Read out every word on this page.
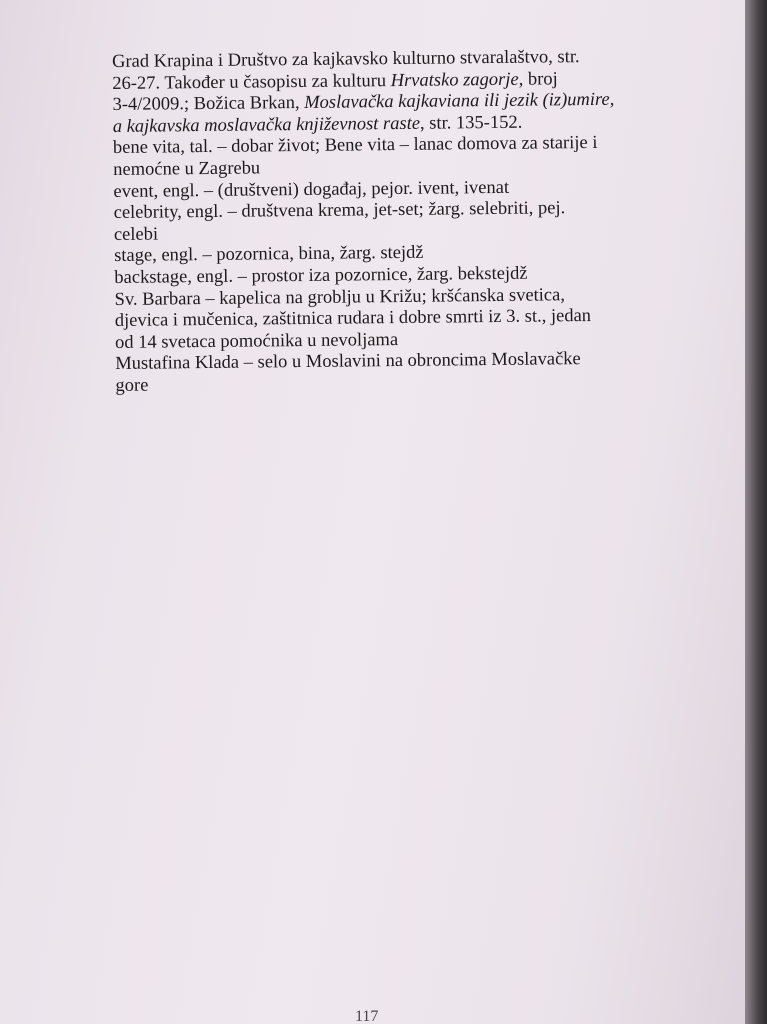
Grad Krapina i Društvo za kajkavsko kulturno stvaralaštvo, str.
26-27. Također u časopisu za kulturu Hrvatsko zagorje, broj
3-4/2009.; Božica Brkan, Moslavačka kajkaviana ili jezik (iz)umire,
a kajkavska moslavačka književnost raste, str. 135-152.
bene vita, tal. – dobar život; Bene vita – lanac domova za starije i
nemoćne u Zagrebu
event, engl. – (društveni) događaj, pejor. ivent, ivenat
celebrity, engl. – društvena krema, jet-set; žarg. selebriti, pej.
celebi
stage, engl. – pozornica, bina, žarg. stejdž
backstage, engl. – prostor iza pozornice, žarg. bekstejdž
Sv. Barbara – kapelica na groblju u Križu; kršćanska svetica,
djevica i mučenica, zaštitnica rudara i dobre smrti iz 3. st., jedan
od 14 svetaca pomoćnika u nevoljama
Mustafina Klada – selo u Moslavini na obroncima Moslavačke
gore
117
